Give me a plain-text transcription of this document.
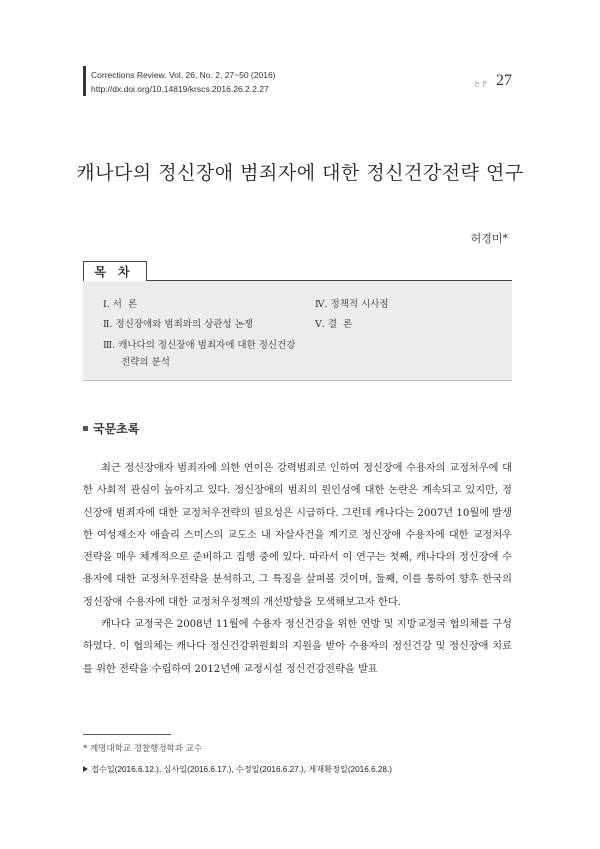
Corrections Review. Vol. 26, No. 2, 27~50 (2016)
http://dx.doi.org/10.14819/krscs.2016.26.2.2.27	논 문 27
캐나다의 정신장애 범죄자에 대한 정신건강전략 연구
허경미*
목차
Ⅰ. 서  론
Ⅱ. 정신장애와 범죄와의 상관성 논쟁
Ⅲ. 캐나다의 정신장애 범죄자에 대한 정신건강전략의 분석
Ⅳ. 정책적 시사점
Ⅴ. 결  론
국문초록

최근 정신장애자 범죄자에 의한 연이은 강력범죄로 인하여 정신장애 수용자의 교정처우에 대한 사회적 관심이 높아지고 있다. 정신장애의 범죄의 원인성에 대한 논란은 계속되고 있지만, 정신장애 범죄자에 대한 교정처우전략의 필요성은 시급하다. 그런데 캐나다는 2007년 10월에 발생한 여성재소자 애슐리 스미스의 교도소 내 자살사건을 계기로 정신장애 수용자에 대한 교정처우전략을 매우 체계적으로 준비하고 집행 중에 있다. 따라서 이 연구는 첫째, 캐나다의 정신장애 수용자에 대한 교정처우전략을 분석하고, 그 특징을 살펴볼 것이며, 둘째, 이를 통하여 향후 한국의 정신장애 수용자에 대한 교정처우정책의 개선방향을 모색해보고자 한다.

캐나다 교정국은 2008년 11월에 수용자 정신건강을 위한 연방 및 지방교정국 협의체를 구성하였다. 이 협의체는 캐나다 정신건강위원회의 지원을 받아 수용자의 정신건강 및 정신장애 치료를 위한 전략을 수립하여 2012년에 교정시설 정신건강전략을 발표

* 계명대학교 경찰행정학과 교수
접수일(2016.6.12.), 심사일(2016.6.17.), 수정일(2016.6.27.), 게재확정일(2016.6.28.)
